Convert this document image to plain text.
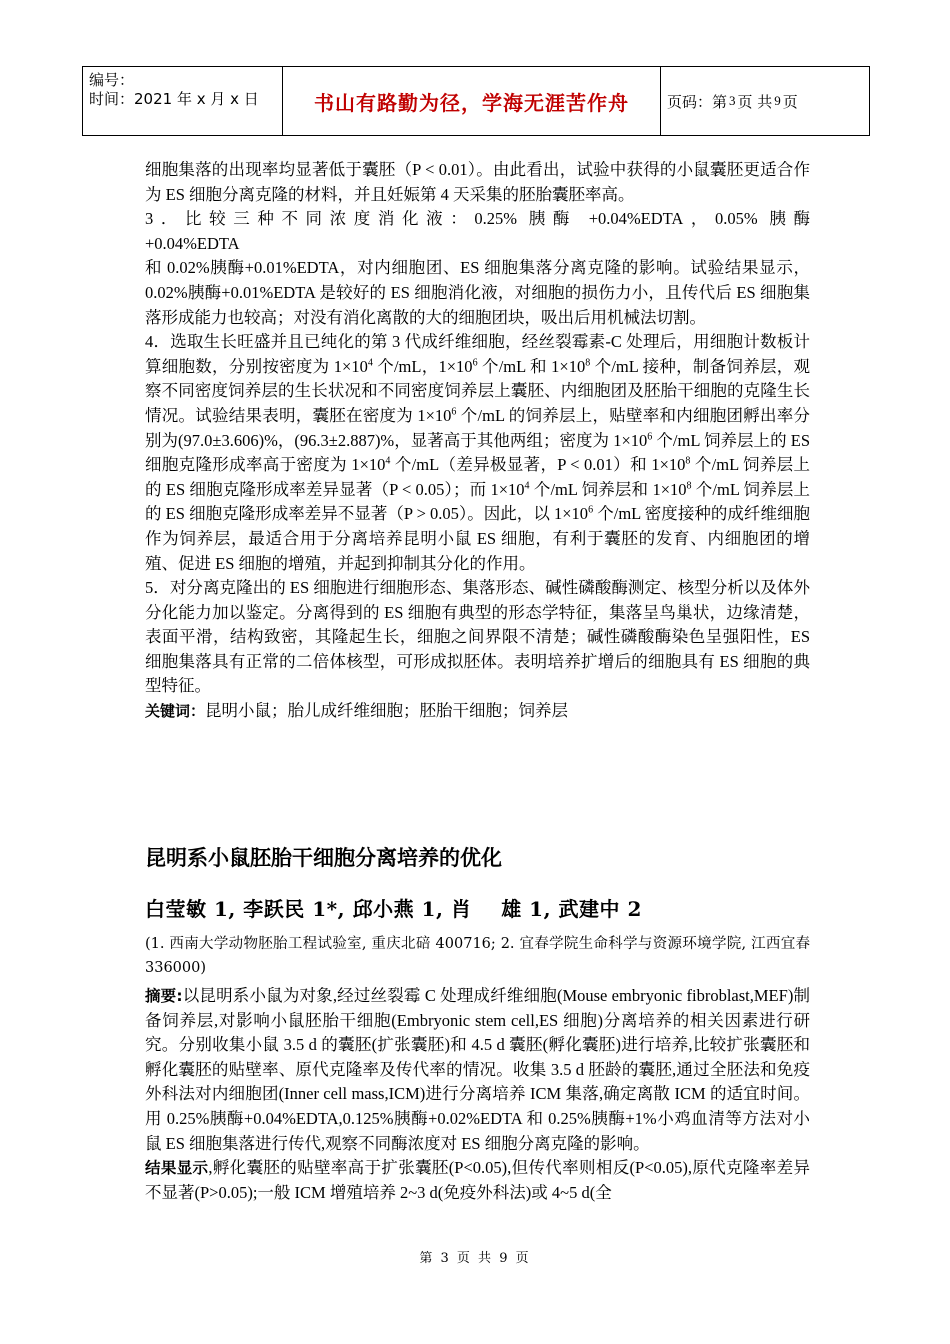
编号：
时间：2021 年 x 月 x 日	书山有路勤为径，学海无涯苦作舟	页码：第 3 页 共 9 页

细胞集落的出现率均显著低于囊胚（P < 0.01）。由此看出，试验中获得的小鼠囊胚更适合作为 ES 细胞分离克隆的材料，并且妊娠第 4 天采集的胚胎囊胚率高。

3．比较三种不同浓度消化液：0.25% 胰酶 +0.04%EDTA，0.05% 胰酶

+0.04%EDTA

和 0.02%胰酶+0.01%EDTA，对内细胞团、ES 细胞集落分离克隆的影响。试验结果显示，0.02%胰酶+0.01%EDTA 是较好的 ES 细胞消化液，对细胞的损伤力小，且传代后 ES 细胞集落形成能力也较高；对没有消化离散的大的细胞团块，吸出后用机械法切割。

4．选取生长旺盛并且已纯化的第 3 代成纤维细胞，经丝裂霉素-C 处理后，用细胞计数板计算细胞数，分别按密度为 $1\times 10^4$ 个/mL，$1\times 10^6$ 个/mL 和 $1\times 10^8$ 个/mL 接种，制备饲养层，观察不同密度饲养层的生长状况和不同密度饲养层上囊胚、内细胞团及胚胎干细胞的克隆生长情况。试验结果表明，囊胚在密度为 $1\times 10^6$ 个/mL 的饲养层上，贴壁率和内细胞团孵出率分别为(97.0±3.606)%，(96.3±2.887)%，显著高于其他两组；密度为 $1\times 10^6$ 个/mL 饲养层上的 ES 细胞克隆形成率高于密度为 $1\times 10^4$ 个/mL（差异极显著，P < 0.01）和 $1\times 10^8$ 个/mL 饲养层上的 ES 细胞克隆形成率差异显著（P < 0.05）；而 $1\times 10^4$ 个/mL 饲养层和 $1\times 10^8$ 个/mL 饲养层上的 ES 细胞克隆形成率差异不显著（P > 0.05）。因此，以 $1\times 10^6$ 个/mL 密度接种的成纤维细胞作为饲养层，最适合用于分离培养昆明小鼠 ES 细胞，有利于囊胚的发育、内细胞团的增殖、促进 ES 细胞的增殖，并起到抑制其分化的作用。

5．对分离克隆出的 ES 细胞进行细胞形态、集落形态、碱性磷酸酶测定、核型分析以及体外分化能力加以鉴定。分离得到的 ES 细胞有典型的形态学特征，集落呈鸟巢状，边缘清楚，表面平滑，结构致密，其隆起生长，细胞之间界限不清楚；碱性磷酸酶染色呈强阳性，ES 细胞集落具有正常的二倍体核型，可形成拟胚体。表明培养扩增后的细胞具有 ES 细胞的典型特征。

关键词：昆明小鼠；胎儿成纤维细胞；胚胎干细胞；饲养层

昆明系小鼠胚胎干细胞分离培养的优化
白莹敏 1, 李跃民 1*, 邱小燕 1, 肖    雄 1, 武建中 2
(1. 西南大学动物胚胎工程试验室, 重庆北碚 400716; 2. 宜春学院生命科学与资源环境学院, 江西宜春 336000)

摘要:以昆明系小鼠为对象,经过丝裂霉 C 处理成纤维细胞(Mouse embryonic fibroblast,MEF)制备饲养层,对影响小鼠胚胎干细胞(Embryonic stem cell,ES 细胞)分离培养的相关因素进行研究。分别收集小鼠 3.5 d 的囊胚(扩张囊胚)和 4.5 d 囊胚(孵化囊胚)进行培养,比较扩张囊胚和孵化囊胚的贴壁率、原代克隆率及传代率的情况。收集 3.5 d 胚龄的囊胚,通过全胚法和免疫外科法对内细胞团(Inner cell mass,ICM)进行分离培养 ICM 集落,确定离散 ICM 的适宜时间。用 0.25%胰酶+0.04%EDTA,0.125%胰酶+0.02%EDTA 和 0.25%胰酶+1%小鸡血清等方法对小鼠 ES 细胞集落进行传代,观察不同酶浓度对 ES 细胞分离克隆的影响。

结果显示,孵化囊胚的贴壁率高于扩张囊胚(P<0.05),但传代率则相反(P<0.05),原代克隆率差异不显著(P>0.05);一般 ICM 增殖培养 2~3 d(免疫外科法)或 4~5 d(全

第 3 页 共 9 页
